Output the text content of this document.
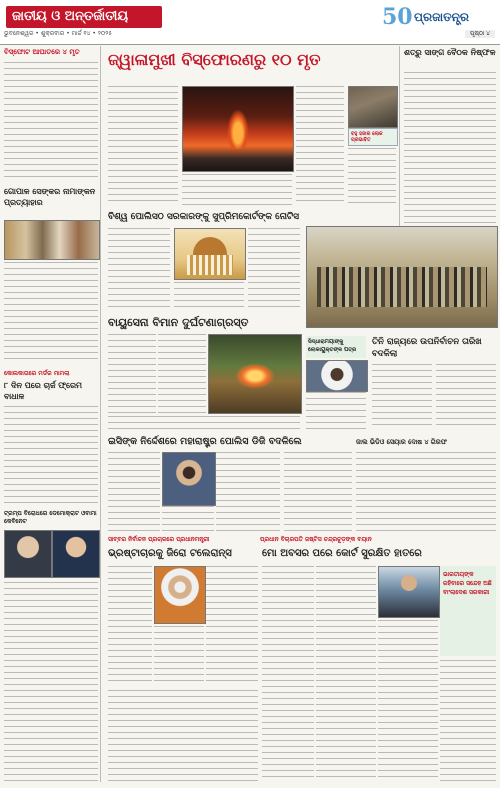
ଜାତୀୟ ଓ ଅନ୍ତର୍ଜାତୀୟ
ଭୁବନେଶ୍ୱର • ଶୁକ୍ରବାର • ମାର୍ଚ୍ଚ ୧୪ • ୨୦୨୫
50 ପ୍ରଜାତନ୍ତ୍ର
ପୃଷ୍ଠା ୪
ବିସ୍ଫୋଟ ଆଘାତରେ ୪ ମୃତ
ଗୋପାଳ ସେଙ୍କର ନାମାଙ୍କନ ପ୍ରତ୍ୟାହାର
କୋଲକାତାରେ ମର୍ଡର ମାମଲା
୮ ଦିନ ପରେ ଚାର୍ଜ ଫ୍ରେମ ବାଧାଳ
ଟ୍ରମ୍ପ ବିରୋଧରେ ଡେମୋକ୍ରାଟ ଓବାମା କେବିନେଟ
ଜ୍ୱାଳାମୁଖୀ ବିସ୍ଫୋରଣରୁ ୧୦ ମୃତ
ବହୁ ହଜାର ଲୋକ ପ୍ରଭାବିତ
ଶତ୍ରୁ ସାଙ୍ଗ ବୈଠକ ନିଷ୍ଫଳ
ବିଶ୍ୱ ପୋଲିସଠ ସରକାରଙ୍କୁ ସୁପ୍ରିମକୋର୍ଟଙ୍କ ନୋଟିସ
ବାୟୁସେନା ବିମାନ ଦୁର୍ଘଟଣାଗ୍ରସ୍ତ
ସିଦ୍ଧାରାମୟାଙ୍କୁ ଲୋକାୟୁକ୍ତଙ୍କ ପତ୍ର
ତିନି ରାଜ୍ୟରେ ଉପନିର୍ବାଚନ ତାରିଖ ବଦଳିଲା
ଇସିଙ୍କ ନିର୍ଦ୍ଦେଶରେ ମହାରାଷ୍ଟ୍ର ପୋଲିସ ଡିଜି ବଦଳିଲେ	ଜାଲ ଭିଡିଓ ସେୟାର ଦୋଷ ୪ ଗିରଫ
ସାବ୍ବର ନିର୍ବାଚନ ପ୍ରଚାରରେ ପ୍ରଧାନମନ୍ତ୍ରୀ	ପ୍ରଧାନ ବିଚାରପତି ଜଷ୍ଟିସ ଚନ୍ଦ୍ରଚୂଡ଼ଙ୍କ ବୟାନ
ଭ୍ରଷ୍ଟାଚାରକୁ ଜିରୋ ଟଲେରାନ୍ସ	ମୋ ଅବସର ପରେ କୋର୍ଟ ସୁରକ୍ଷିତ ହାତରେ
ଭାରତୀୟଙ୍କ ରହିବାରେ ସନ୍ଦେହ ଅଛି ବାଂଲାଦେଶ ସରକାରୀ
